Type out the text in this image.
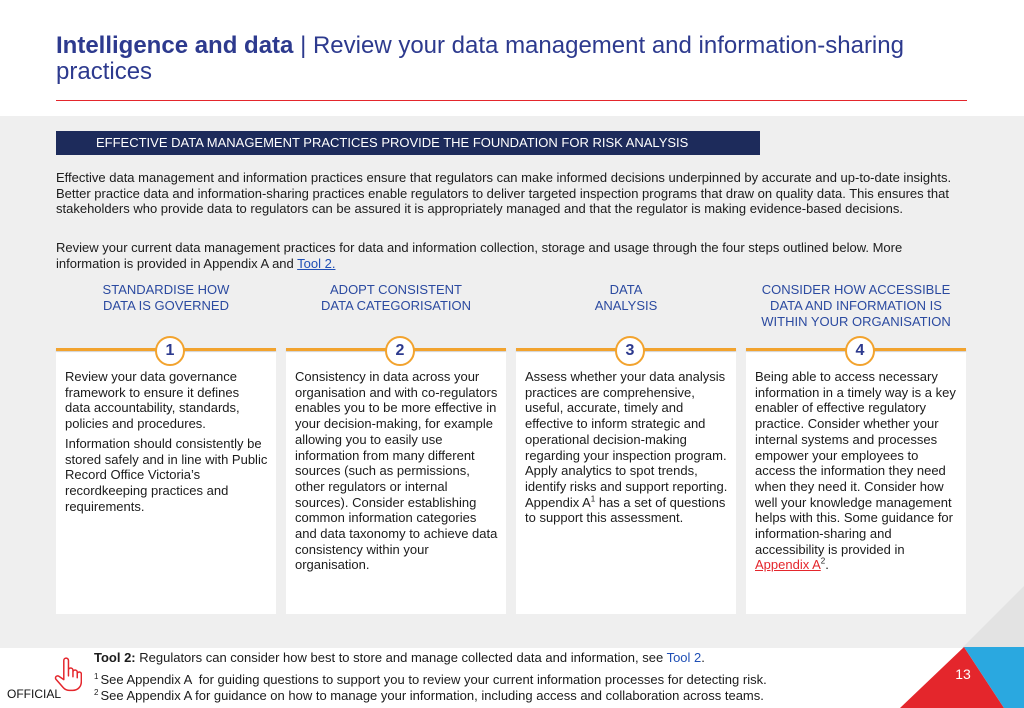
Intelligence and data | Review your data management and information-sharing practices
EFFECTIVE DATA MANAGEMENT PRACTICES PROVIDE THE FOUNDATION FOR RISK ANALYSIS

Effective data management and information practices ensure that regulators can make informed decisions underpinned by accurate and up-to-date insights. Better practice data and information-sharing practices enable regulators to deliver targeted inspection programs that draw on quality data. This ensures that stakeholders who provide data to regulators can be assured it is appropriately managed and that the regulator is making evidence-based decisions.

Review your current data management practices for data and information collection, storage and usage through the four steps outlined below. More information is provided in Appendix A and Tool 2.

STANDARDISE HOW
DATA IS GOVERNED
1

Review your data governance framework to ensure it defines data accountability, standards, policies and procedures.

Information should consistently be stored safely and in line with Public Record Office Victoria’s recordkeeping practices and requirements.

ADOPT CONSISTENT
DATA CATEGORISATION
2

Consistency in data across your organisation and with co-regulators enables you to be more effective in your decision-making, for example allowing you to easily use information from many different sources (such as permissions, other regulators or internal sources). Consider establishing common information categories and data taxonomy to achieve data consistency within your organisation.

DATA
ANALYSIS
3

Assess whether your data analysis practices are comprehensive, useful, accurate, timely and effective to inform strategic and operational decision-making regarding your inspection program. Apply analytics to spot trends, identify risks and support reporting. Appendix A$^1$ has a set of questions to support this assessment.

CONSIDER HOW ACCESSIBLE
DATA AND INFORMATION IS
WITHIN YOUR ORGANISATION
4

Being able to access necessary information in a timely way is a key enabler of effective regulatory practice. Consider whether your internal systems and processes empower your employees to access the information they need when they need it. Consider how well your knowledge management helps with this. Some guidance for information-sharing and accessibility is provided in Appendix A$^2$.

Tool 2: Regulators can consider how best to store and manage collected data and information, see Tool 2.

$^1$ See Appendix A  for guiding questions to support you to review your current information processes for detecting risk.

$^2$ See Appendix A for guidance on how to manage your information, including access and collaboration across teams.

OFFICIAL
13
